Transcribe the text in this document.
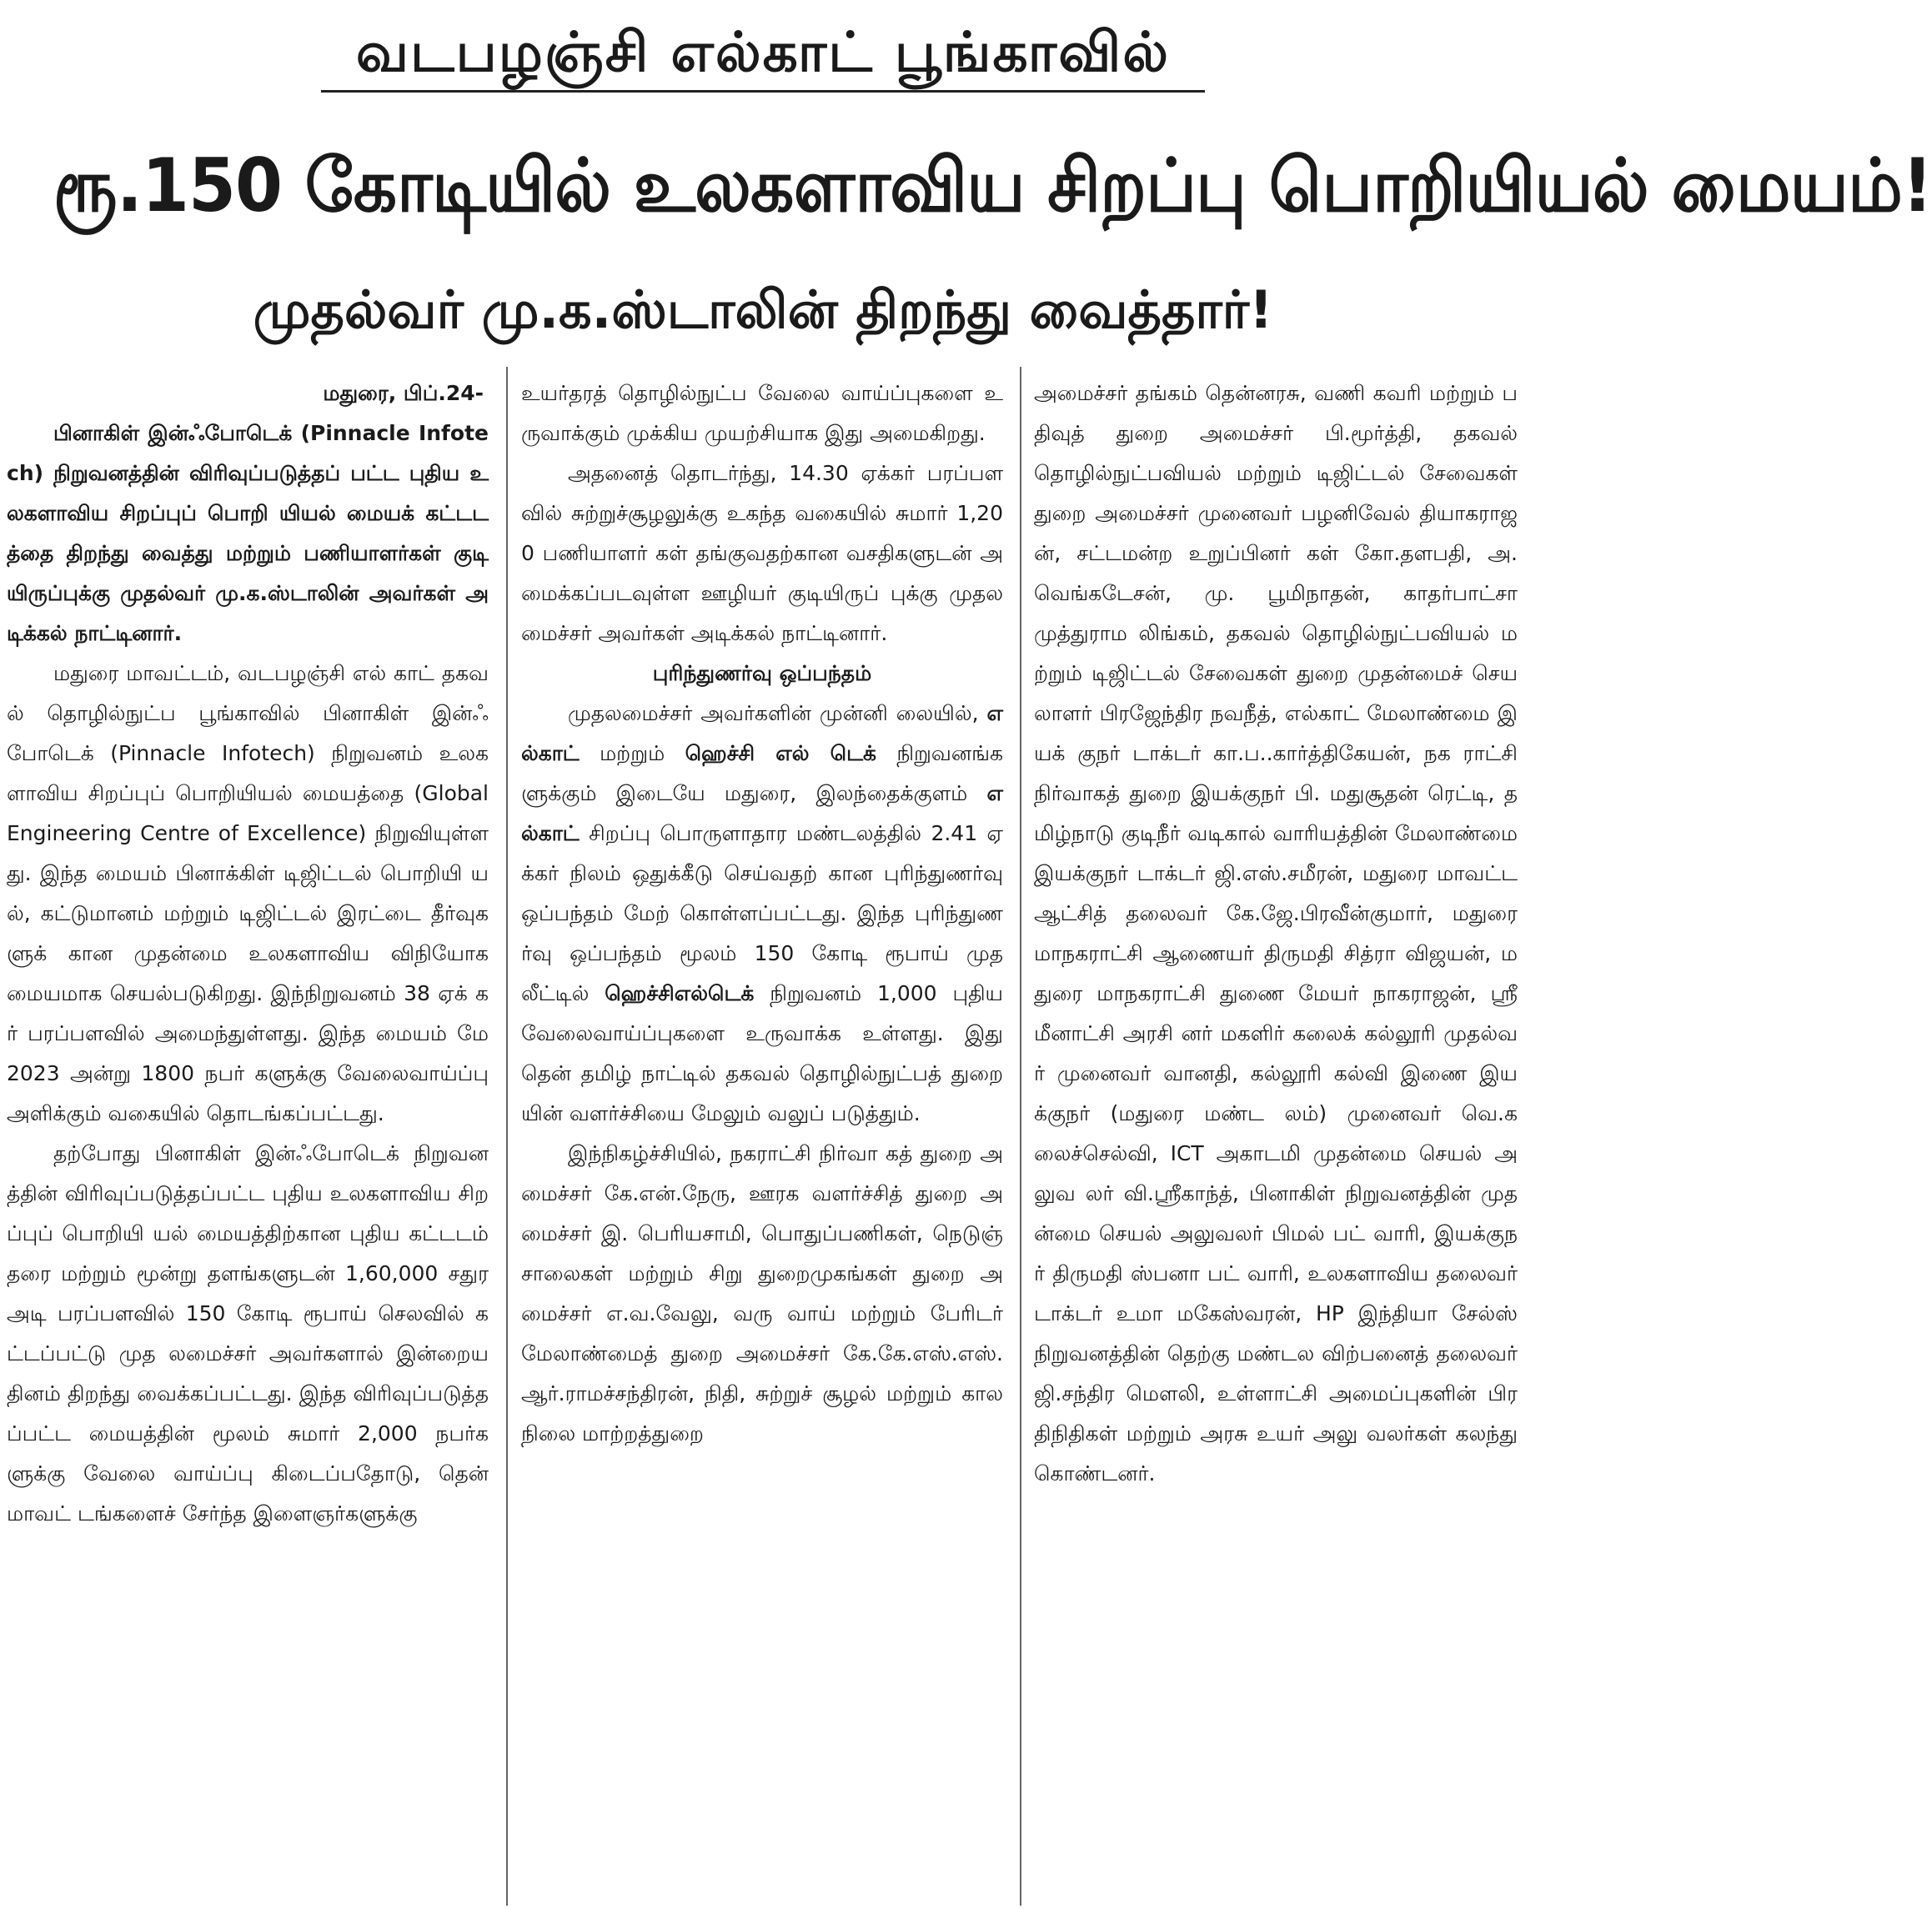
வடபழஞ்சி எல்காட் பூங்காவில்
ரூ.150 கோடியில் உலகளாவிய சிறப்பு பொறியியல் மையம்!
முதல்வர் மு.க.ஸ்டாலின் திறந்து வைத்தார்!

மதுரை, பிப்.24-

பினாகிள் இன்ஃபோடெக் (Pinnacle Infotech) நிறுவனத்தின் விரிவுப்படுத்தப் பட்ட புதிய உலகளாவிய சிறப்புப் பொறி யியல் மையக் கட்டடத்தை திறந்து வைத்து மற்றும் பணியாளர்கள் குடி யிருப்புக்கு முதல்வர் மு.க.ஸ்டாலின் அவர்கள் அடிக்கல் நாட்டினார்.

மதுரை மாவட்டம், வடபழஞ்சி எல் காட் தகவல் தொழில்நுட்ப பூங்காவில் பினாகிள் இன்ஃபோடெக் (Pinnacle Infotech) நிறுவனம் உலகளாவிய சிறப்புப் பொறியியல் மையத்தை (Global Engineering Centre of Excellence) நிறுவியுள்ளது. இந்த மையம் பினாக்கிள் டிஜிட்டல் பொறியி யல், கட்டுமானம் மற்றும் டிஜிட்டல் இரட்டை தீர்வுகளுக் கான முதன்மை உலகளாவிய விநியோக மையமாக செயல்படுகிறது. இந்நிறுவனம் 38 ஏக் கர் பரப்பளவில் அமைந்துள்ளது. இந்த மையம் மே 2023 அன்று 1800 நபர் களுக்கு வேலைவாய்ப்பு அளிக்கும் வகையில் தொடங்கப்பட்டது.

தற்போது பினாகிள் இன்ஃபோடெக் நிறுவனத்தின் விரிவுப்படுத்தப்பட்ட புதிய உலகளாவிய சிறப்புப் பொறியி யல் மையத்திற்கான புதிய கட்டடம் தரை மற்றும் மூன்று தளங்களுடன் 1,60,000 சதுர அடி பரப்பளவில் 150 கோடி ரூபாய் செலவில் கட்டப்பட்டு முத லமைச்சர் அவர்களால் இன்றைய தினம் திறந்து வைக்கப்பட்டது. இந்த விரிவுப்படுத்தப்பட்ட மையத்தின் மூலம் சுமார் 2,000 நபர்களுக்கு வேலை வாய்ப்பு கிடைப்பதோடு, தென் மாவட் டங்களைச் சேர்ந்த இளைஞர்களுக்கு

உயர்தரத் தொழில்நுட்ப வேலை வாய்ப்புகளை உருவாக்கும் முக்கிய முயற்சியாக இது அமைகிறது.

அதனைத் தொடர்ந்து, 14.30 ஏக்கர் பரப்பளவில் சுற்றுச்சூழலுக்கு உகந்த வகையில் சுமார் 1,200 பணியாளர் கள் தங்குவதற்கான வசதிகளுடன் அமைக்கப்படவுள்ள ஊழியர் குடியிருப் புக்கு முதலமைச்சர் அவர்கள் அடிக்கல் நாட்டினார்.

புரிந்துணர்வு ஒப்பந்தம்

முதலமைச்சர் அவர்களின் முன்னி லையில், எல்காட் மற்றும் ஹெச்சி எல் டெக் நிறுவனங்களுக்கும் இடையே மதுரை, இலந்தைக்குளம் எல்காட் சிறப்பு பொருளாதார மண்டலத்தில் 2.41 ஏக்கர் நிலம் ஒதுக்கீடு செய்வதற் கான புரிந்துணர்வு ஒப்பந்தம் மேற் கொள்ளப்பட்டது. இந்த புரிந்துணர்வு ஒப்பந்தம் மூலம் 150 கோடி ரூபாய் முதலீட்டில் ஹெச்சிஎல்டெக் நிறுவனம் 1,000 புதிய வேலைவாய்ப்புகளை உருவாக்க உள்ளது. இது தென் தமிழ் நாட்டில் தகவல் தொழில்நுட்பத் துறை யின் வளர்ச்சியை மேலும் வலுப் படுத்தும்.

இந்நிகழ்ச்சியில், நகராட்சி நிர்வா கத் துறை அமைச்சர் கே.என்.நேரு, ஊரக வளர்ச்சித் துறை அமைச்சர் இ. பெரியசாமி, பொதுப்பணிகள், நெடுஞ் சாலைகள் மற்றும் சிறு துறைமுகங்கள் துறை அமைச்சர் எ.வ.வேலு, வரு வாய் மற்றும் பேரிடர் மேலாண்மைத் துறை அமைச்சர் கே.கே.எஸ்.எஸ். ஆர்.ராமச்சந்திரன், நிதி, சுற்றுச் சூழல் மற்றும் காலநிலை மாற்றத்துறை

அமைச்சர் தங்கம் தென்னரசு, வணி கவரி மற்றும் பதிவுத் துறை அமைச்சர் பி.மூர்த்தி, தகவல் தொழில்நுட்பவியல் மற்றும் டிஜிட்டல் சேவைகள் துறை அமைச்சர் முனைவர் பழனிவேல் தியாகராஜன், சட்டமன்ற உறுப்பினர் கள் கோ.தளபதி, அ.வெங்கடேசன், மு. பூமிநாதன், காதர்பாட்சா முத்துராம லிங்கம், தகவல் தொழில்நுட்பவியல் மற்றும் டிஜிட்டல் சேவைகள் துறை முதன்மைச் செயலாளர் பிரஜேந்திர நவநீத், எல்காட் மேலாண்மை இயக் குநர் டாக்டர் கா.ப..கார்த்திகேயன், நக ராட்சி நிர்வாகத் துறை இயக்குநர் பி. மதுசூதன் ரெட்டி, தமிழ்நாடு குடிநீர் வடிகால் வாரியத்தின் மேலாண்மை இயக்குநர் டாக்டர் ஜி.எஸ்.சமீரன், மதுரை மாவட்ட ஆட்சித் தலைவர் கே.ஜே.பிரவீன்குமார், மதுரை மாநகராட்சி ஆணையர் திருமதி சித்ரா விஜயன், மதுரை மாநகராட்சி துணை மேயர் நாகராஜன், ஸ்ரீ மீனாட்சி அரசி னர் மகளிர் கலைக் கல்லூரி முதல்வர் முனைவர் வானதி, கல்லூரி கல்வி இணை இயக்குநர் (மதுரை மண்ட லம்) முனைவர் வெ.கலைச்செல்வி, ICT அகாடமி முதன்மை செயல் அலுவ லர் வி.ஸ்ரீகாந்த், பினாகிள் நிறுவனத்தின் முதன்மை செயல் அலுவலர் பிமல் பட் வாரி, இயக்குநர் திருமதி ஸ்பனா பட் வாரி, உலகளாவிய தலைவர் டாக்டர் உமா மகேஸ்வரன், HP இந்தியா சேல்ஸ் நிறுவனத்தின் தெற்கு மண்டல விற்பனைத் தலைவர் ஜி.சந்திர மௌலி, உள்ளாட்சி அமைப்புகளின் பிரதிநிதிகள் மற்றும் அரசு உயர் அலு வலர்கள் கலந்து கொண்டனர்.
